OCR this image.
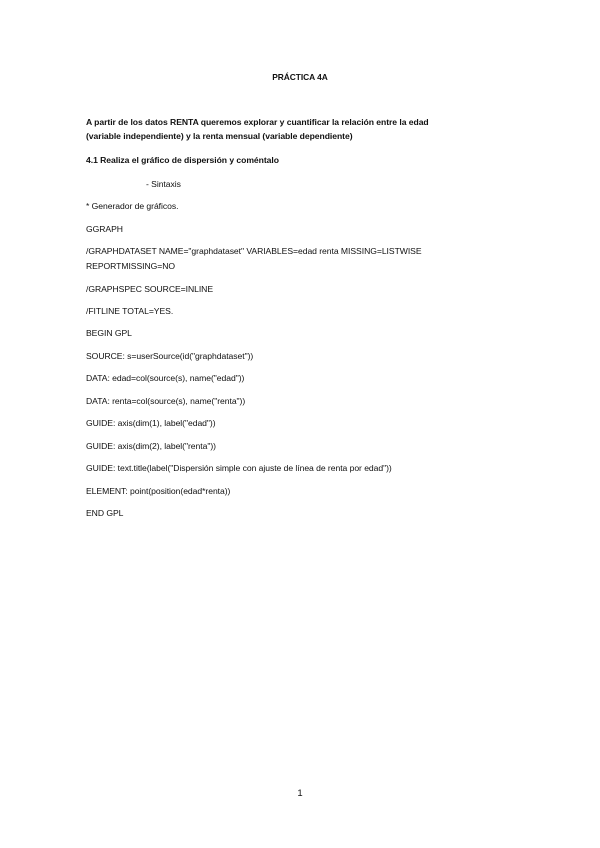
PRÁCTICA 4A
A partir de los datos RENTA queremos explorar y cuantificar la relación entre la edad
(variable independiente) y la renta mensual (variable dependiente)
4.1 Realiza el gráfico de dispersión y coméntalo
- Sintaxis
* Generador de gráficos.
GGRAPH
/GRAPHDATASET NAME="graphdataset" VARIABLES=edad renta MISSING=LISTWISE
REPORTMISSING=NO
/GRAPHSPEC SOURCE=INLINE
/FITLINE TOTAL=YES.
BEGIN GPL
SOURCE: s=userSource(id("graphdataset"))
DATA: edad=col(source(s), name("edad"))
DATA: renta=col(source(s), name("renta"))
GUIDE: axis(dim(1), label("edad"))
GUIDE: axis(dim(2), label("renta"))
GUIDE: text.title(label("Dispersión simple con ajuste de línea de renta por edad"))
ELEMENT: point(position(edad*renta))
END GPL
1
